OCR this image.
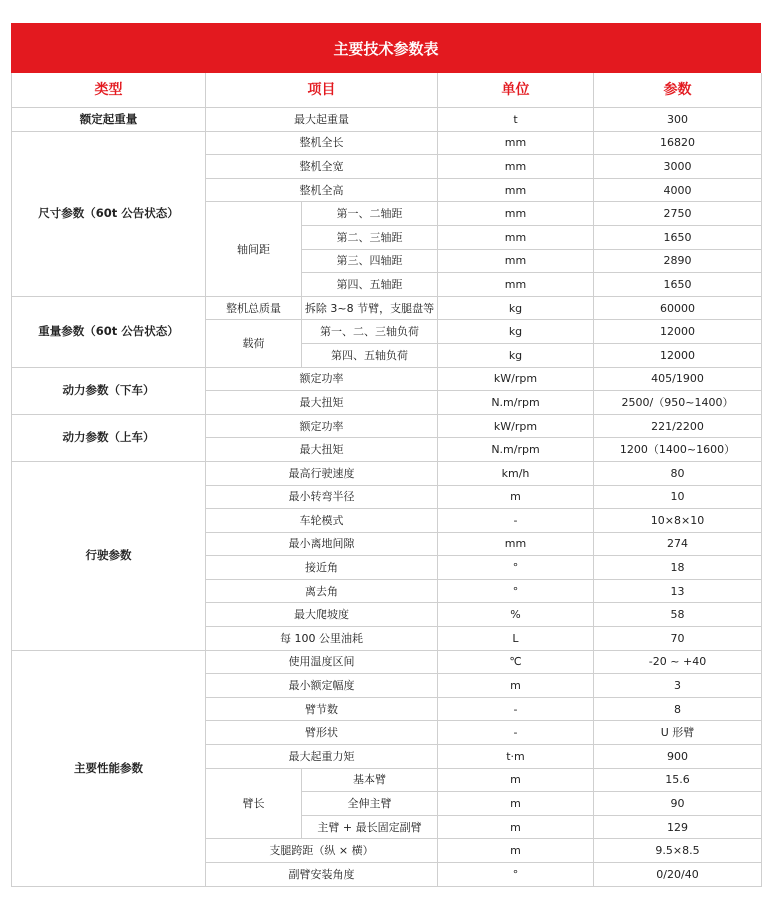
主要技术参数表
类型	项目		单位	参数
额定起重量	最大起重量		t	300
尺寸参数（60t 公告状态）	整机全长		mm	16820
	整机全宽		mm	3000
	整机全高		mm	4000
	轴间距	第一、二轴距	mm	2750
		第二、三轴距	mm	1650
		第三、四轴距	mm	2890
		第四、五轴距	mm	1650
重量参数（60t 公告状态）	整机总质量	拆除 3~8 节臂，支腿盘等	kg	60000
	载荷	第一、二、三轴负荷	kg	12000
		第四、五轴负荷	kg	12000
动力参数（下车）	额定功率		kW/rpm	405/1900
	最大扭矩		N.m/rpm	2500/（950~1400）
动力参数（上车）	额定功率		kW/rpm	221/2200
	最大扭矩		N.m/rpm	1200（1400~1600）
行驶参数	最高行驶速度		km/h	80
	最小转弯半径		m	10
	车轮模式		-	10×8×10
	最小离地间隙		mm	274
	接近角		°	18
	离去角		°	13
	最大爬坡度		%	58
	每 100 公里油耗		L	70
主要性能参数	使用温度区间		℃	-20 ~ +40
	最小额定幅度		m	3
	臂节数		-	8
	臂形状		-	U 形臂
	最大起重力矩		t·m	900
	臂长	基本臂	m	15.6
		全伸主臂	m	90
		主臂 + 最长固定副臂	m	129
	支腿跨距（纵 × 横）		m	9.5×8.5
	副臂安装角度		°	0/20/40
